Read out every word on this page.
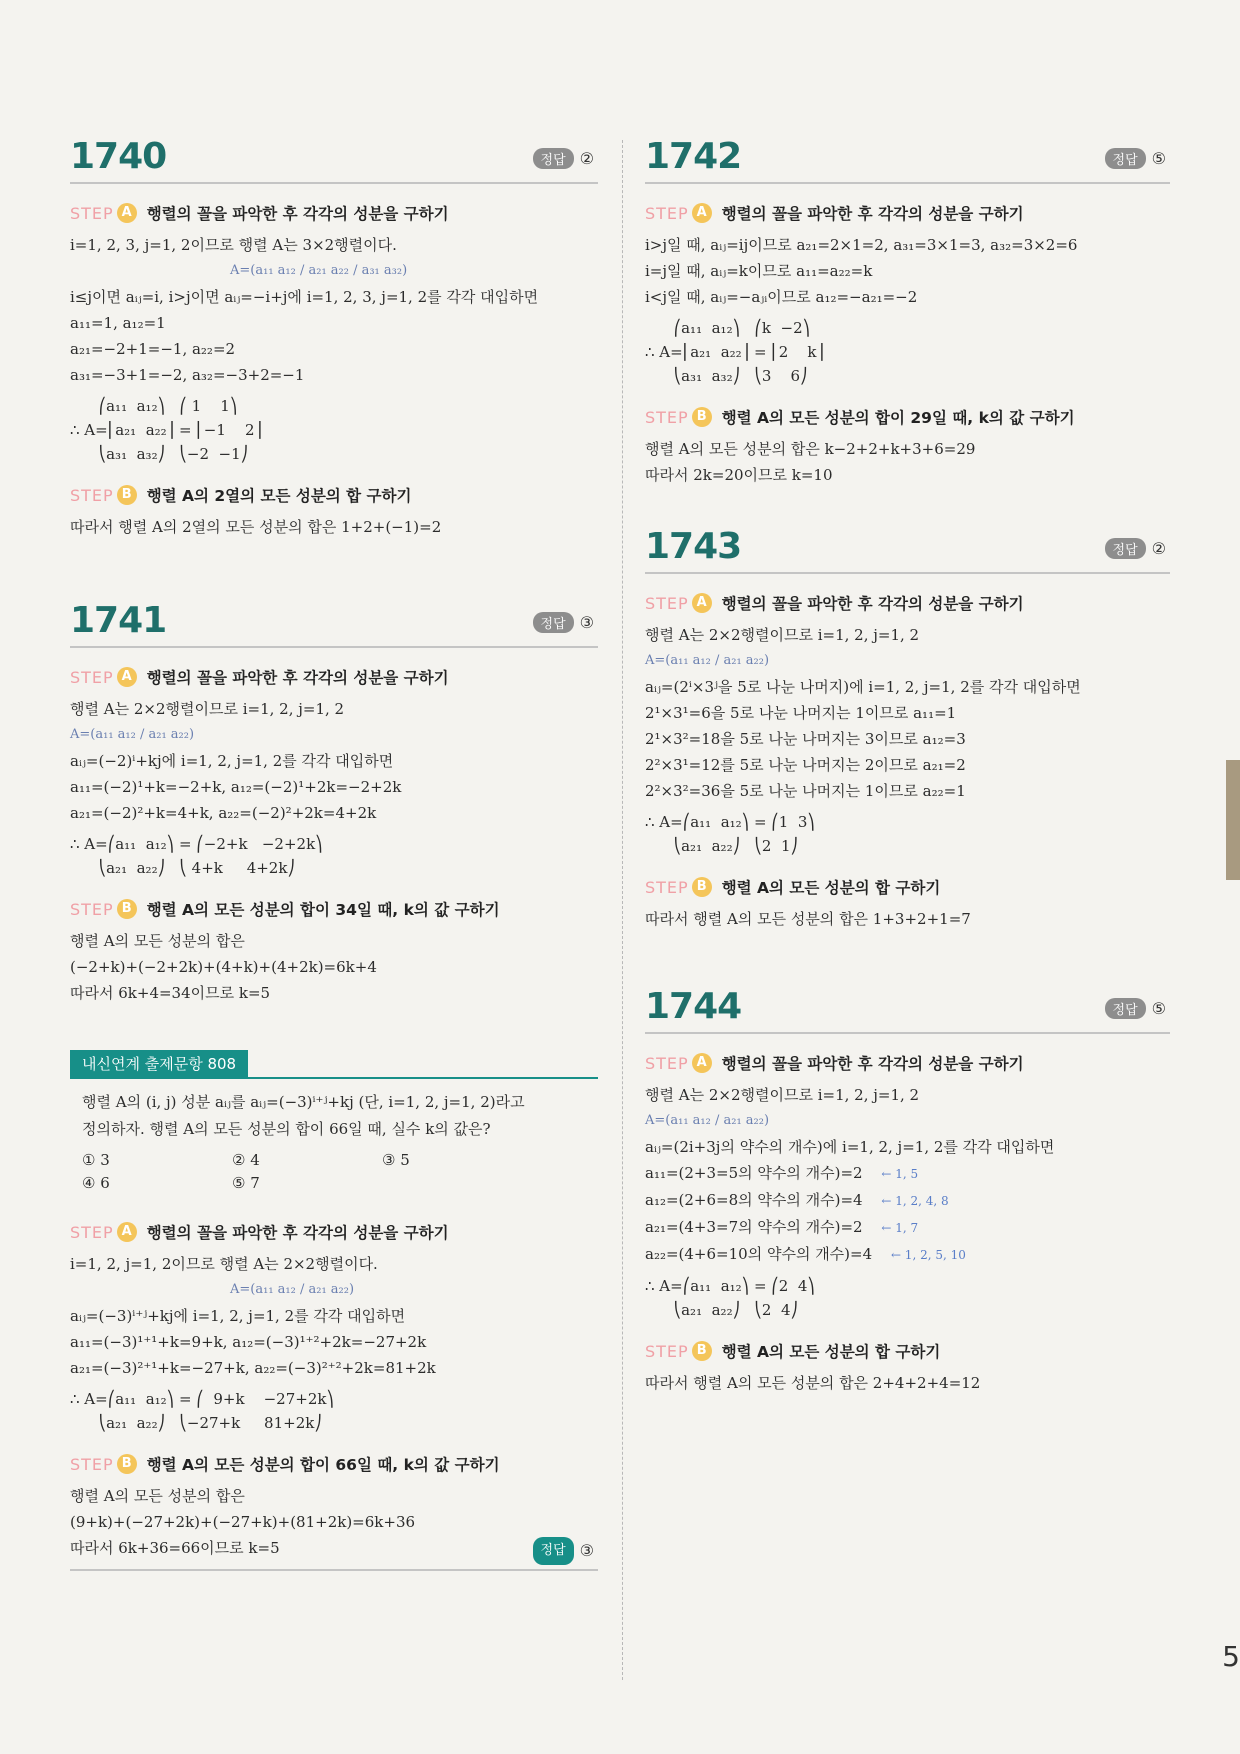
5
1740	정답 ②
STEP A 행렬의 꼴을 파악한 후 각각의 성분을 구하기
i=1, 2, 3, j=1, 2이므로 행렬 A는 3×2행렬이다.
A=(a₁₁ a₁₂ / a₂₁ a₂₂ / a₃₁ a₃₂)
i≤j이면 aᵢⱼ=i, i>j이면 aᵢⱼ=−i+j에 i=1, 2, 3, j=1, 2를 각각 대입하면
a₁₁=1, a₁₂=1
a₂₁=−2+1=−1, a₂₂=2
a₃₁=−3+1=−2, a₃₂=−3+2=−1
⎛a₁₁  a₁₂⎞   ⎛ 1    1⎞
∴ A=⎜a₂₁  a₂₂⎟ = ⎜−1    2⎟
⎝a₃₁  a₃₂⎠   ⎝−2  −1⎠
STEP B 행렬 A의 2열의 모든 성분의 합 구하기
따라서 행렬 A의 2열의 모든 성분의 합은 1+2+(−1)=2
1741	정답 ③
STEP A 행렬의 꼴을 파악한 후 각각의 성분을 구하기
행렬 A는 2×2행렬이므로 i=1, 2, j=1, 2
A=(a₁₁ a₁₂ / a₂₁ a₂₂)
aᵢⱼ=(−2)ⁱ+kj에 i=1, 2, j=1, 2를 각각 대입하면
a₁₁=(−2)¹+k=−2+k, a₁₂=(−2)¹+2k=−2+2k
a₂₁=(−2)²+k=4+k, a₂₂=(−2)²+2k=4+2k
∴ A=⎛a₁₁  a₁₂⎞ = ⎛−2+k   −2+2k⎞
⎝a₂₁  a₂₂⎠   ⎝ 4+k     4+2k⎠
STEP B 행렬 A의 모든 성분의 합이 34일 때, k의 값 구하기
행렬 A의 모든 성분의 합은
(−2+k)+(−2+2k)+(4+k)+(4+2k)=6k+4
따라서 6k+4=34이므로 k=5
내신연계 출제문항 808
행렬 A의 (i, j) 성분 aᵢⱼ를 aᵢⱼ=(−3)ⁱ⁺ʲ+kj (단, i=1, 2, j=1, 2)라고
정의하자. 행렬 A의 모든 성분의 합이 66일 때, 실수 k의 값은?
① 3	② 4	③ 5
④ 6	⑤ 7
STEP A 행렬의 꼴을 파악한 후 각각의 성분을 구하기
i=1, 2, j=1, 2이므로 행렬 A는 2×2행렬이다.
A=(a₁₁ a₁₂ / a₂₁ a₂₂)
aᵢⱼ=(−3)ⁱ⁺ʲ+kj에 i=1, 2, j=1, 2를 각각 대입하면
a₁₁=(−3)¹⁺¹+k=9+k, a₁₂=(−3)¹⁺²+2k=−27+2k
a₂₁=(−3)²⁺¹+k=−27+k, a₂₂=(−3)²⁺²+2k=81+2k
∴ A=⎛a₁₁  a₁₂⎞ = ⎛  9+k    −27+2k⎞
⎝a₂₁  a₂₂⎠   ⎝−27+k     81+2k⎠
STEP B 행렬 A의 모든 성분의 합이 66일 때, k의 값 구하기
행렬 A의 모든 성분의 합은
(9+k)+(−27+2k)+(−27+k)+(81+2k)=6k+36
따라서 6k+36=66이므로 k=5	정답 ③
1742	정답 ⑤
STEP A 행렬의 꼴을 파악한 후 각각의 성분을 구하기
i>j일 때, aᵢⱼ=ij이므로 a₂₁=2×1=2, a₃₁=3×1=3, a₃₂=3×2=6
i=j일 때, aᵢⱼ=k이므로 a₁₁=a₂₂=k
i<j일 때, aᵢⱼ=−aⱼᵢ이므로 a₁₂=−a₂₁=−2
⎛a₁₁  a₁₂⎞   ⎛k  −2⎞
∴ A=⎜a₂₁  a₂₂⎟ = ⎜2    k⎟
⎝a₃₁  a₃₂⎠   ⎝3    6⎠
STEP B 행렬 A의 모든 성분의 합이 29일 때, k의 값 구하기
행렬 A의 모든 성분의 합은 k−2+2+k+3+6=29
따라서 2k=20이므로 k=10
1743	정답 ②
STEP A 행렬의 꼴을 파악한 후 각각의 성분을 구하기
행렬 A는 2×2행렬이므로 i=1, 2, j=1, 2
A=(a₁₁ a₁₂ / a₂₁ a₂₂)
aᵢⱼ=(2ⁱ×3ʲ을 5로 나눈 나머지)에 i=1, 2, j=1, 2를 각각 대입하면
2¹×3¹=6을 5로 나눈 나머지는 1이므로 a₁₁=1
2¹×3²=18을 5로 나눈 나머지는 3이므로 a₁₂=3
2²×3¹=12를 5로 나눈 나머지는 2이므로 a₂₁=2
2²×3²=36을 5로 나눈 나머지는 1이므로 a₂₂=1
∴ A=⎛a₁₁  a₁₂⎞ = ⎛1  3⎞
⎝a₂₁  a₂₂⎠   ⎝2  1⎠
STEP B 행렬 A의 모든 성분의 합 구하기
따라서 행렬 A의 모든 성분의 합은 1+3+2+1=7
1744	정답 ⑤
STEP A 행렬의 꼴을 파악한 후 각각의 성분을 구하기
행렬 A는 2×2행렬이므로 i=1, 2, j=1, 2
A=(a₁₁ a₁₂ / a₂₁ a₂₂)
aᵢⱼ=(2i+3j의 약수의 개수)에 i=1, 2, j=1, 2를 각각 대입하면
a₁₁=(2+3=5의 약수의 개수)=2 ← 1, 5
a₁₂=(2+6=8의 약수의 개수)=4 ← 1, 2, 4, 8
a₂₁=(4+3=7의 약수의 개수)=2 ← 1, 7
a₂₂=(4+6=10의 약수의 개수)=4 ← 1, 2, 5, 10
∴ A=⎛a₁₁  a₁₂⎞ = ⎛2  4⎞
⎝a₂₁  a₂₂⎠   ⎝2  4⎠
STEP B 행렬 A의 모든 성분의 합 구하기
따라서 행렬 A의 모든 성분의 합은 2+4+2+4=12
